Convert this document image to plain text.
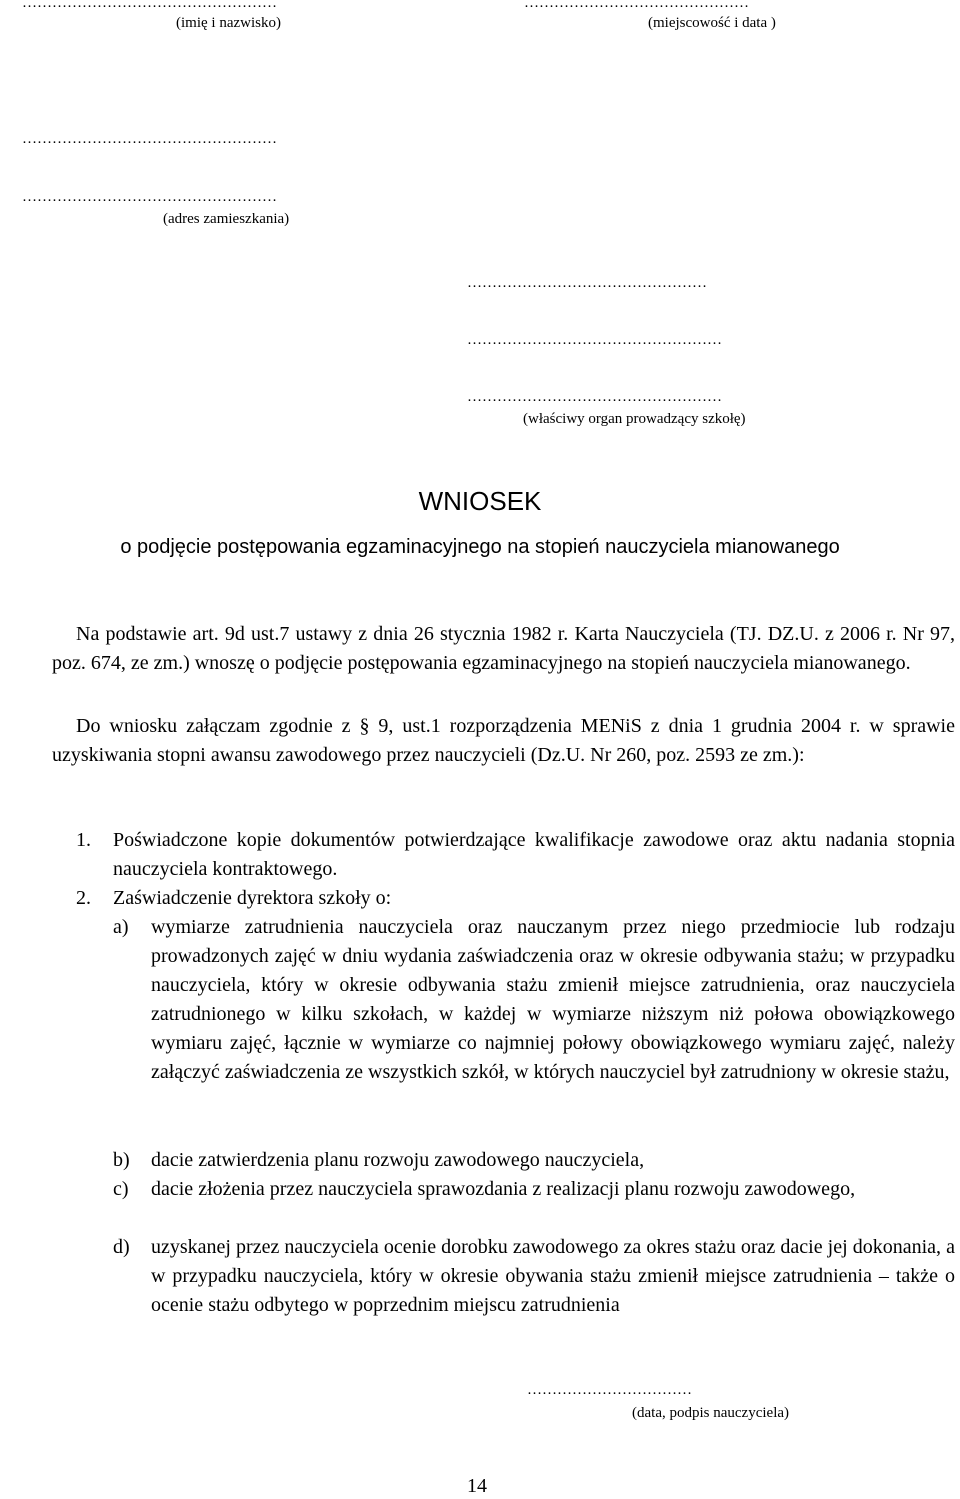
……………………………………………
(imię i nazwisko)
………………………………………
(miejscowość i data )
……………………………………………
……………………………………………
(adres zamieszkania)
…………………………………………
……………………………………………
……………………………………………
(właściwy organ prowadzący szkołę)
WNIOSEK
o podjęcie postępowania egzaminacyjnego na stopień nauczyciela mianowanego
Na podstawie art. 9d ust.7 ustawy z dnia 26 stycznia 1982 r. Karta Nauczyciela (TJ. DZ.U. z 2006 r. Nr 97, poz. 674, ze zm.) wnoszę o podjęcie postępowania egzaminacyjnego na stopień nauczyciela mianowanego.
Do wniosku załączam zgodnie z § 9, ust.1 rozporządzenia MENiS z dnia 1 grudnia 2004 r. w sprawie uzyskiwania stopni awansu zawodowego przez nauczycieli (Dz.U. Nr 260, poz. 2593 ze zm.):
1. Poświadczone kopie dokumentów potwierdzające kwalifikacje zawodowe oraz aktu nadania stopnia nauczyciela kontraktowego.
2. Zaświadczenie dyrektora szkoły o:
a) wymiarze zatrudnienia nauczyciela oraz nauczanym przez niego przedmiocie lub rodzaju prowadzonych zajęć w dniu wydania zaświadczenia oraz w okresie odbywania stażu; w przypadku nauczyciela, który w okresie odbywania stażu zmienił miejsce zatrudnienia, oraz nauczyciela zatrudnionego w kilku szkołach, w każdej w wymiarze niższym niż połowa obowiązkowego wymiaru zajęć, łącznie w wymiarze co najmniej połowy obowiązkowego wymiaru zajęć, należy załączyć zaświadczenia ze wszystkich szkół, w których nauczyciel był zatrudniony w okresie stażu,
b) dacie zatwierdzenia planu rozwoju zawodowego nauczyciela,
c) dacie złożenia przez nauczyciela sprawozdania z realizacji planu rozwoju zawodowego,
d) uzyskanej przez nauczyciela ocenie dorobku zawodowego za okres stażu oraz dacie jej dokonania, a w przypadku nauczyciela, który w okresie obywania stażu zmienił miejsce zatrudnienia – także o ocenie stażu odbytego w poprzednim miejscu zatrudnienia
……………………………
(data, podpis nauczyciela)
14
